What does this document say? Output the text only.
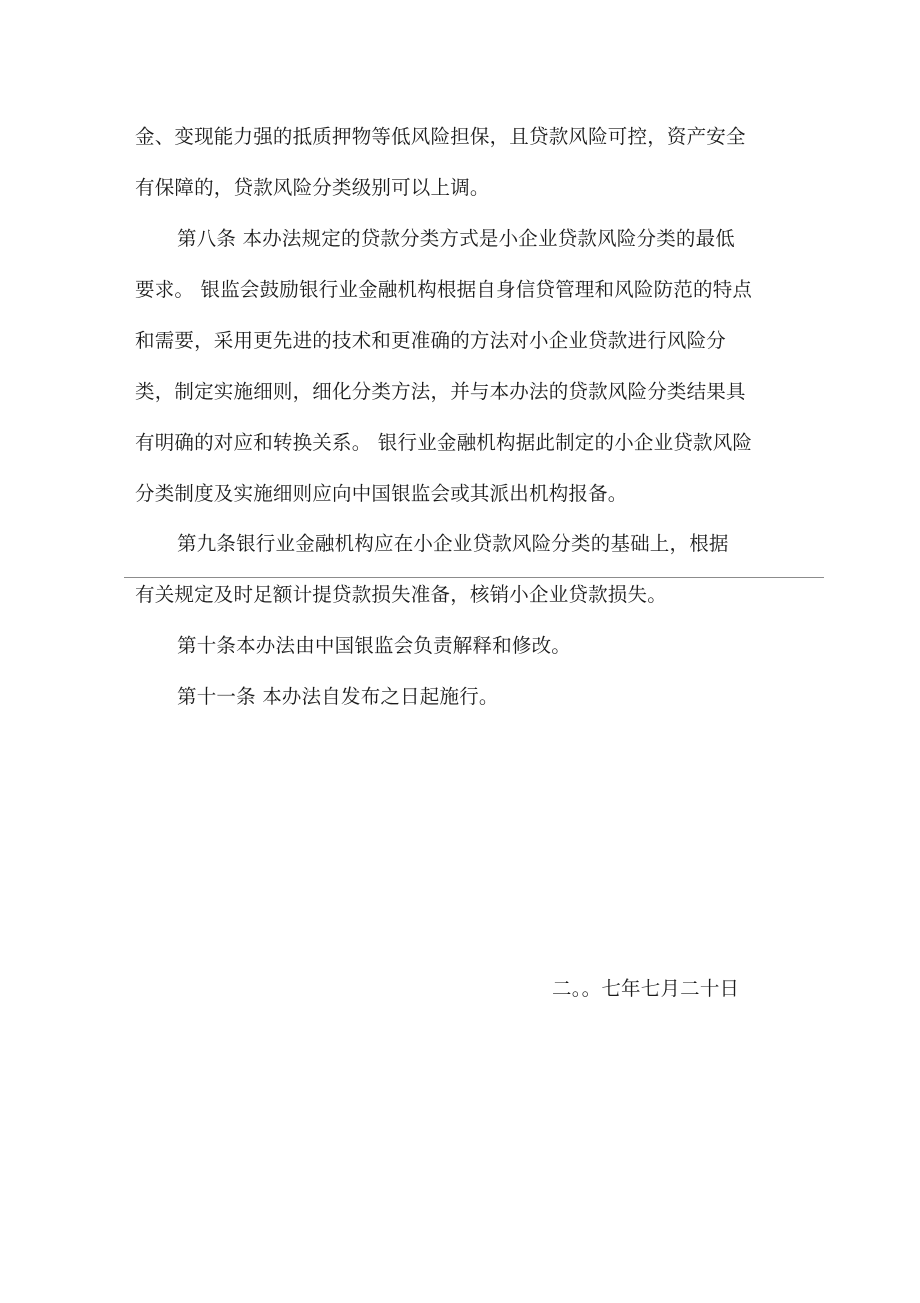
金、变现能力强的抵质押物等低风险担保，且贷款风险可控，资产安全
有保障的，贷款风险分类级别可以上调。
第八条 本办法规定的贷款分类方式是小企业贷款风险分类的最低
要求。 银监会鼓励银行业金融机构根据自身信贷管理和风险防范的特点
和需要，采用更先进的技术和更准确的方法对小企业贷款进行风险分
类，制定实施细则，细化分类方法，并与本办法的贷款风险分类结果具
有明确的对应和转换关系。 银行业金融机构据此制定的小企业贷款风险
分类制度及实施细则应向中国银监会或其派出机构报备。
第九条银行业金融机构应在小企业贷款风险分类的基础上，根据
有关规定及时足额计提贷款损失准备，核销小企业贷款损失。
第十条本办法由中国银监会负责解释和修改。
第十一条 本办法自发布之日起施行。
二。。七年七月二十日
